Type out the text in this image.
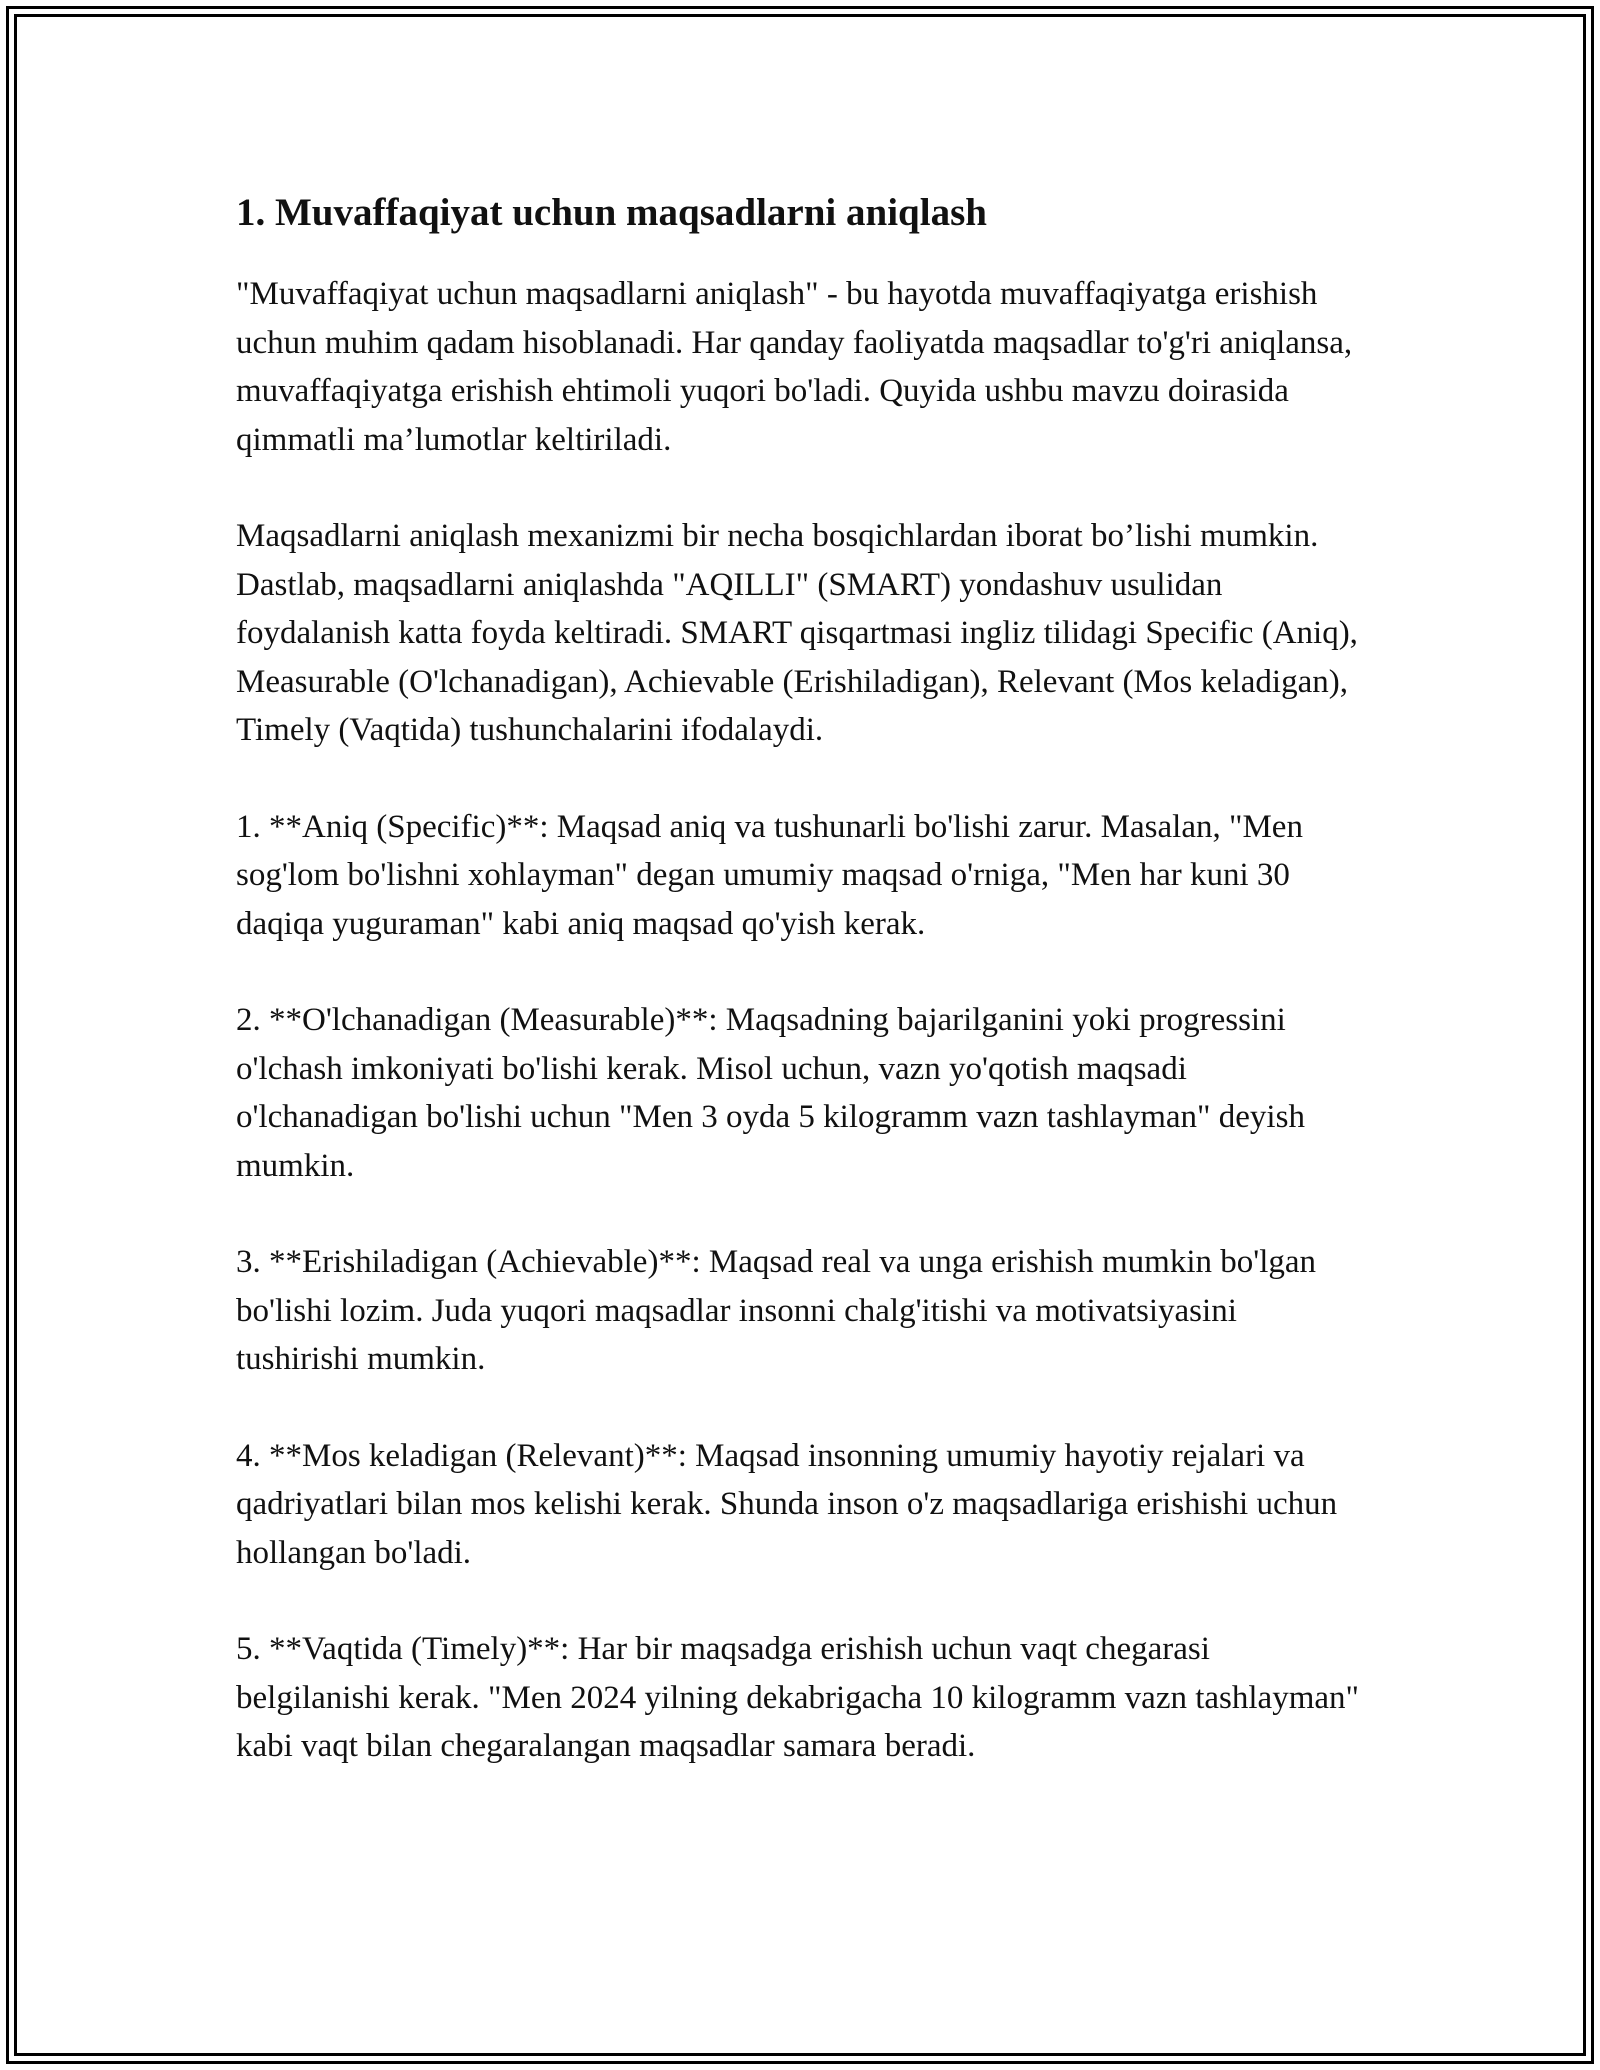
1. Muvaffaqiyat uchun maqsadlarni aniqlash

"Muvaffaqiyat uchun maqsadlarni aniqlash" - bu hayotda muvaffaqiyatga erishish uchun muhim qadam hisoblanadi. Har qanday faoliyatda maqsadlar to'g'ri aniqlansa, muvaffaqiyatga erishish ehtimoli yuqori bo'ladi. Quyida ushbu mavzu doirasida qimmatli ma’lumotlar keltiriladi.

Maqsadlarni aniqlash mexanizmi bir necha bosqichlardan iborat bo’lishi mumkin. Dastlab, maqsadlarni aniqlashda "AQILLI" (SMART) yondashuv usulidan foydalanish katta foyda keltiradi. SMART qisqartmasi ingliz tilidagi Specific (Aniq), Measurable (O'lchanadigan), Achievable (Erishiladigan), Relevant (Mos keladigan), Timely (Vaqtida) tushunchalarini ifodalaydi.

1. **Aniq (Specific)**: Maqsad aniq va tushunarli bo'lishi zarur. Masalan, "Men sog'lom bo'lishni xohlayman" degan umumiy maqsad o'rniga, "Men har kuni 30 daqiqa yuguraman" kabi aniq maqsad qo'yish kerak.

2. **O'lchanadigan (Measurable)**: Maqsadning bajarilganini yoki progressini o'lchash imkoniyati bo'lishi kerak. Misol uchun, vazn yo'qotish maqsadi o'lchanadigan bo'lishi uchun "Men 3 oyda 5 kilogramm vazn tashlayman" deyish mumkin.

3. **Erishiladigan (Achievable)**: Maqsad real va unga erishish mumkin bo'lgan bo'lishi lozim. Juda yuqori maqsadlar insonni chalg'itishi va motivatsiyasini tushirishi mumkin.

4. **Mos keladigan (Relevant)**: Maqsad insonning umumiy hayotiy rejalari va qadriyatlari bilan mos kelishi kerak. Shunda inson o'z maqsadlariga erishishi uchun hollangan bo'ladi.

5. **Vaqtida (Timely)**: Har bir maqsadga erishish uchun vaqt chegarasi belgilanishi kerak. "Men 2024 yilning dekabrigacha 10 kilogramm vazn tashlayman" kabi vaqt bilan chegaralangan maqsadlar samara beradi.
